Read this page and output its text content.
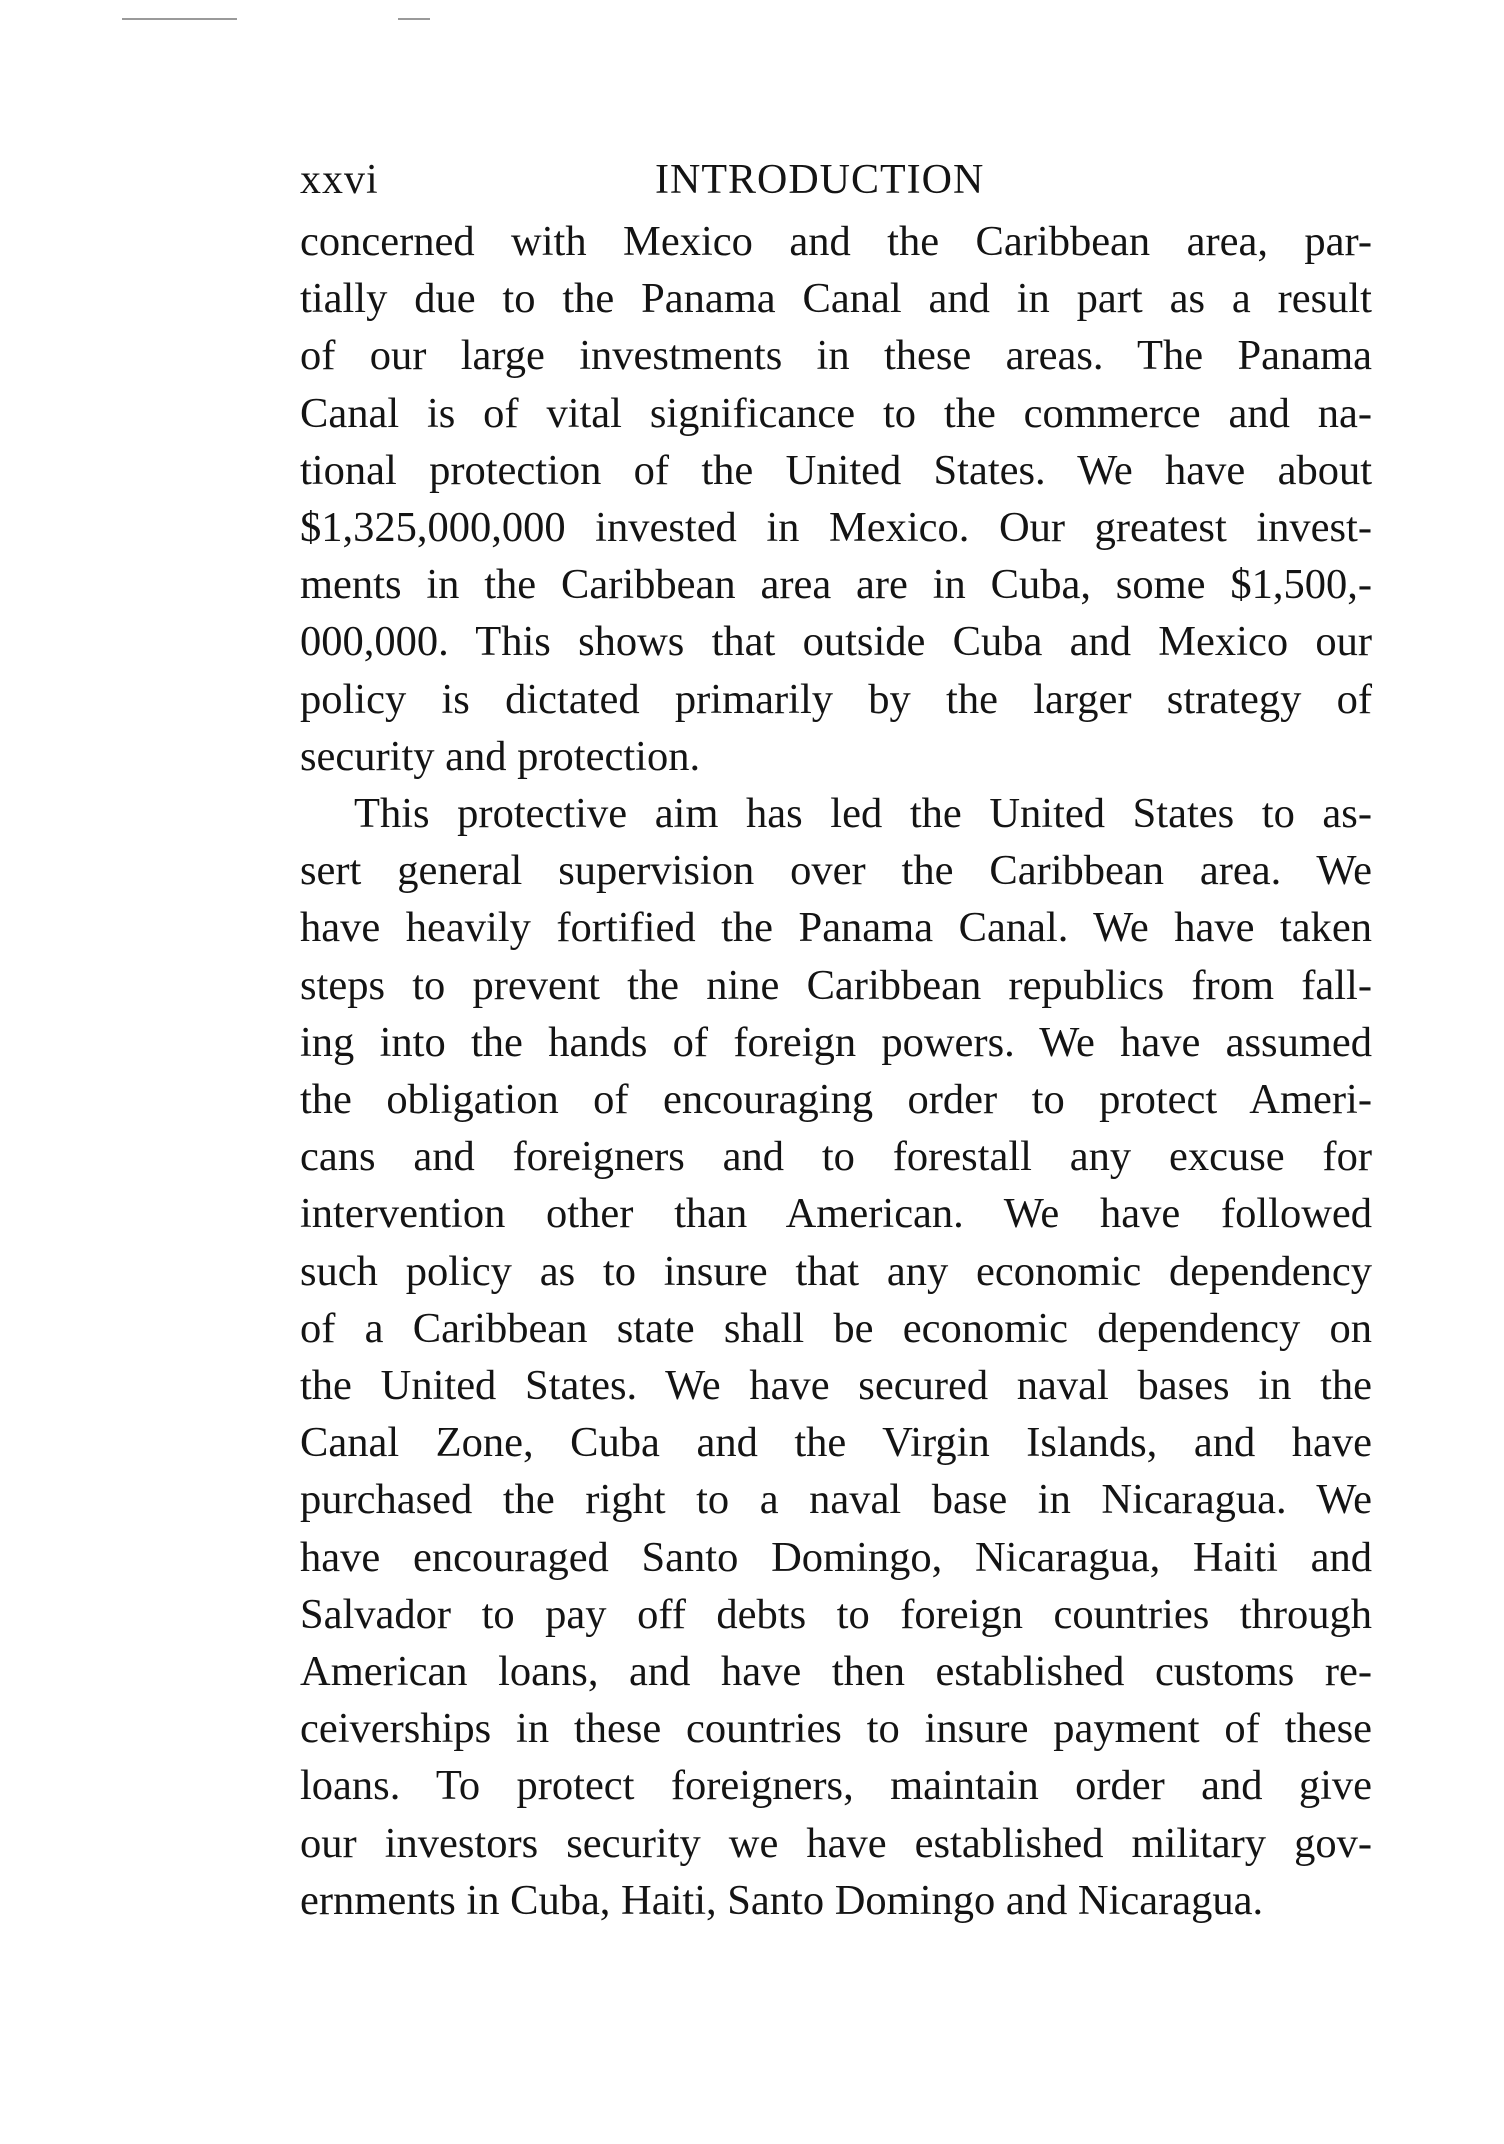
xxvi	INTRODUCTION

concerned with Mexico and the Caribbean area, par-
tially due to the Panama Canal and in part as a result
of our large investments in these areas. The Panama
Canal is of vital significance to the commerce and na-
tional protection of the United States. We have about
$1,325,000,000 invested in Mexico. Our greatest invest-
ments in the Caribbean area are in Cuba, some $1,500,-
000,000. This shows that outside Cuba and Mexico our
policy is dictated primarily by the larger strategy of
security and protection.

This protective aim has led the United States to as-
sert general supervision over the Caribbean area. We
have heavily fortified the Panama Canal. We have taken
steps to prevent the nine Caribbean republics from fall-
ing into the hands of foreign powers. We have assumed
the obligation of encouraging order to protect Ameri-
cans and foreigners and to forestall any excuse for
intervention other than American. We have followed
such policy as to insure that any economic dependency
of a Caribbean state shall be economic dependency on
the United States. We have secured naval bases in the
Canal Zone, Cuba and the Virgin Islands, and have
purchased the right to a naval base in Nicaragua. We
have encouraged Santo Domingo, Nicaragua, Haiti and
Salvador to pay off debts to foreign countries through
American loans, and have then established customs re-
ceiverships in these countries to insure payment of these
loans. To protect foreigners, maintain order and give
our investors security we have established military gov-
ernments in Cuba, Haiti, Santo Domingo and Nicaragua.
